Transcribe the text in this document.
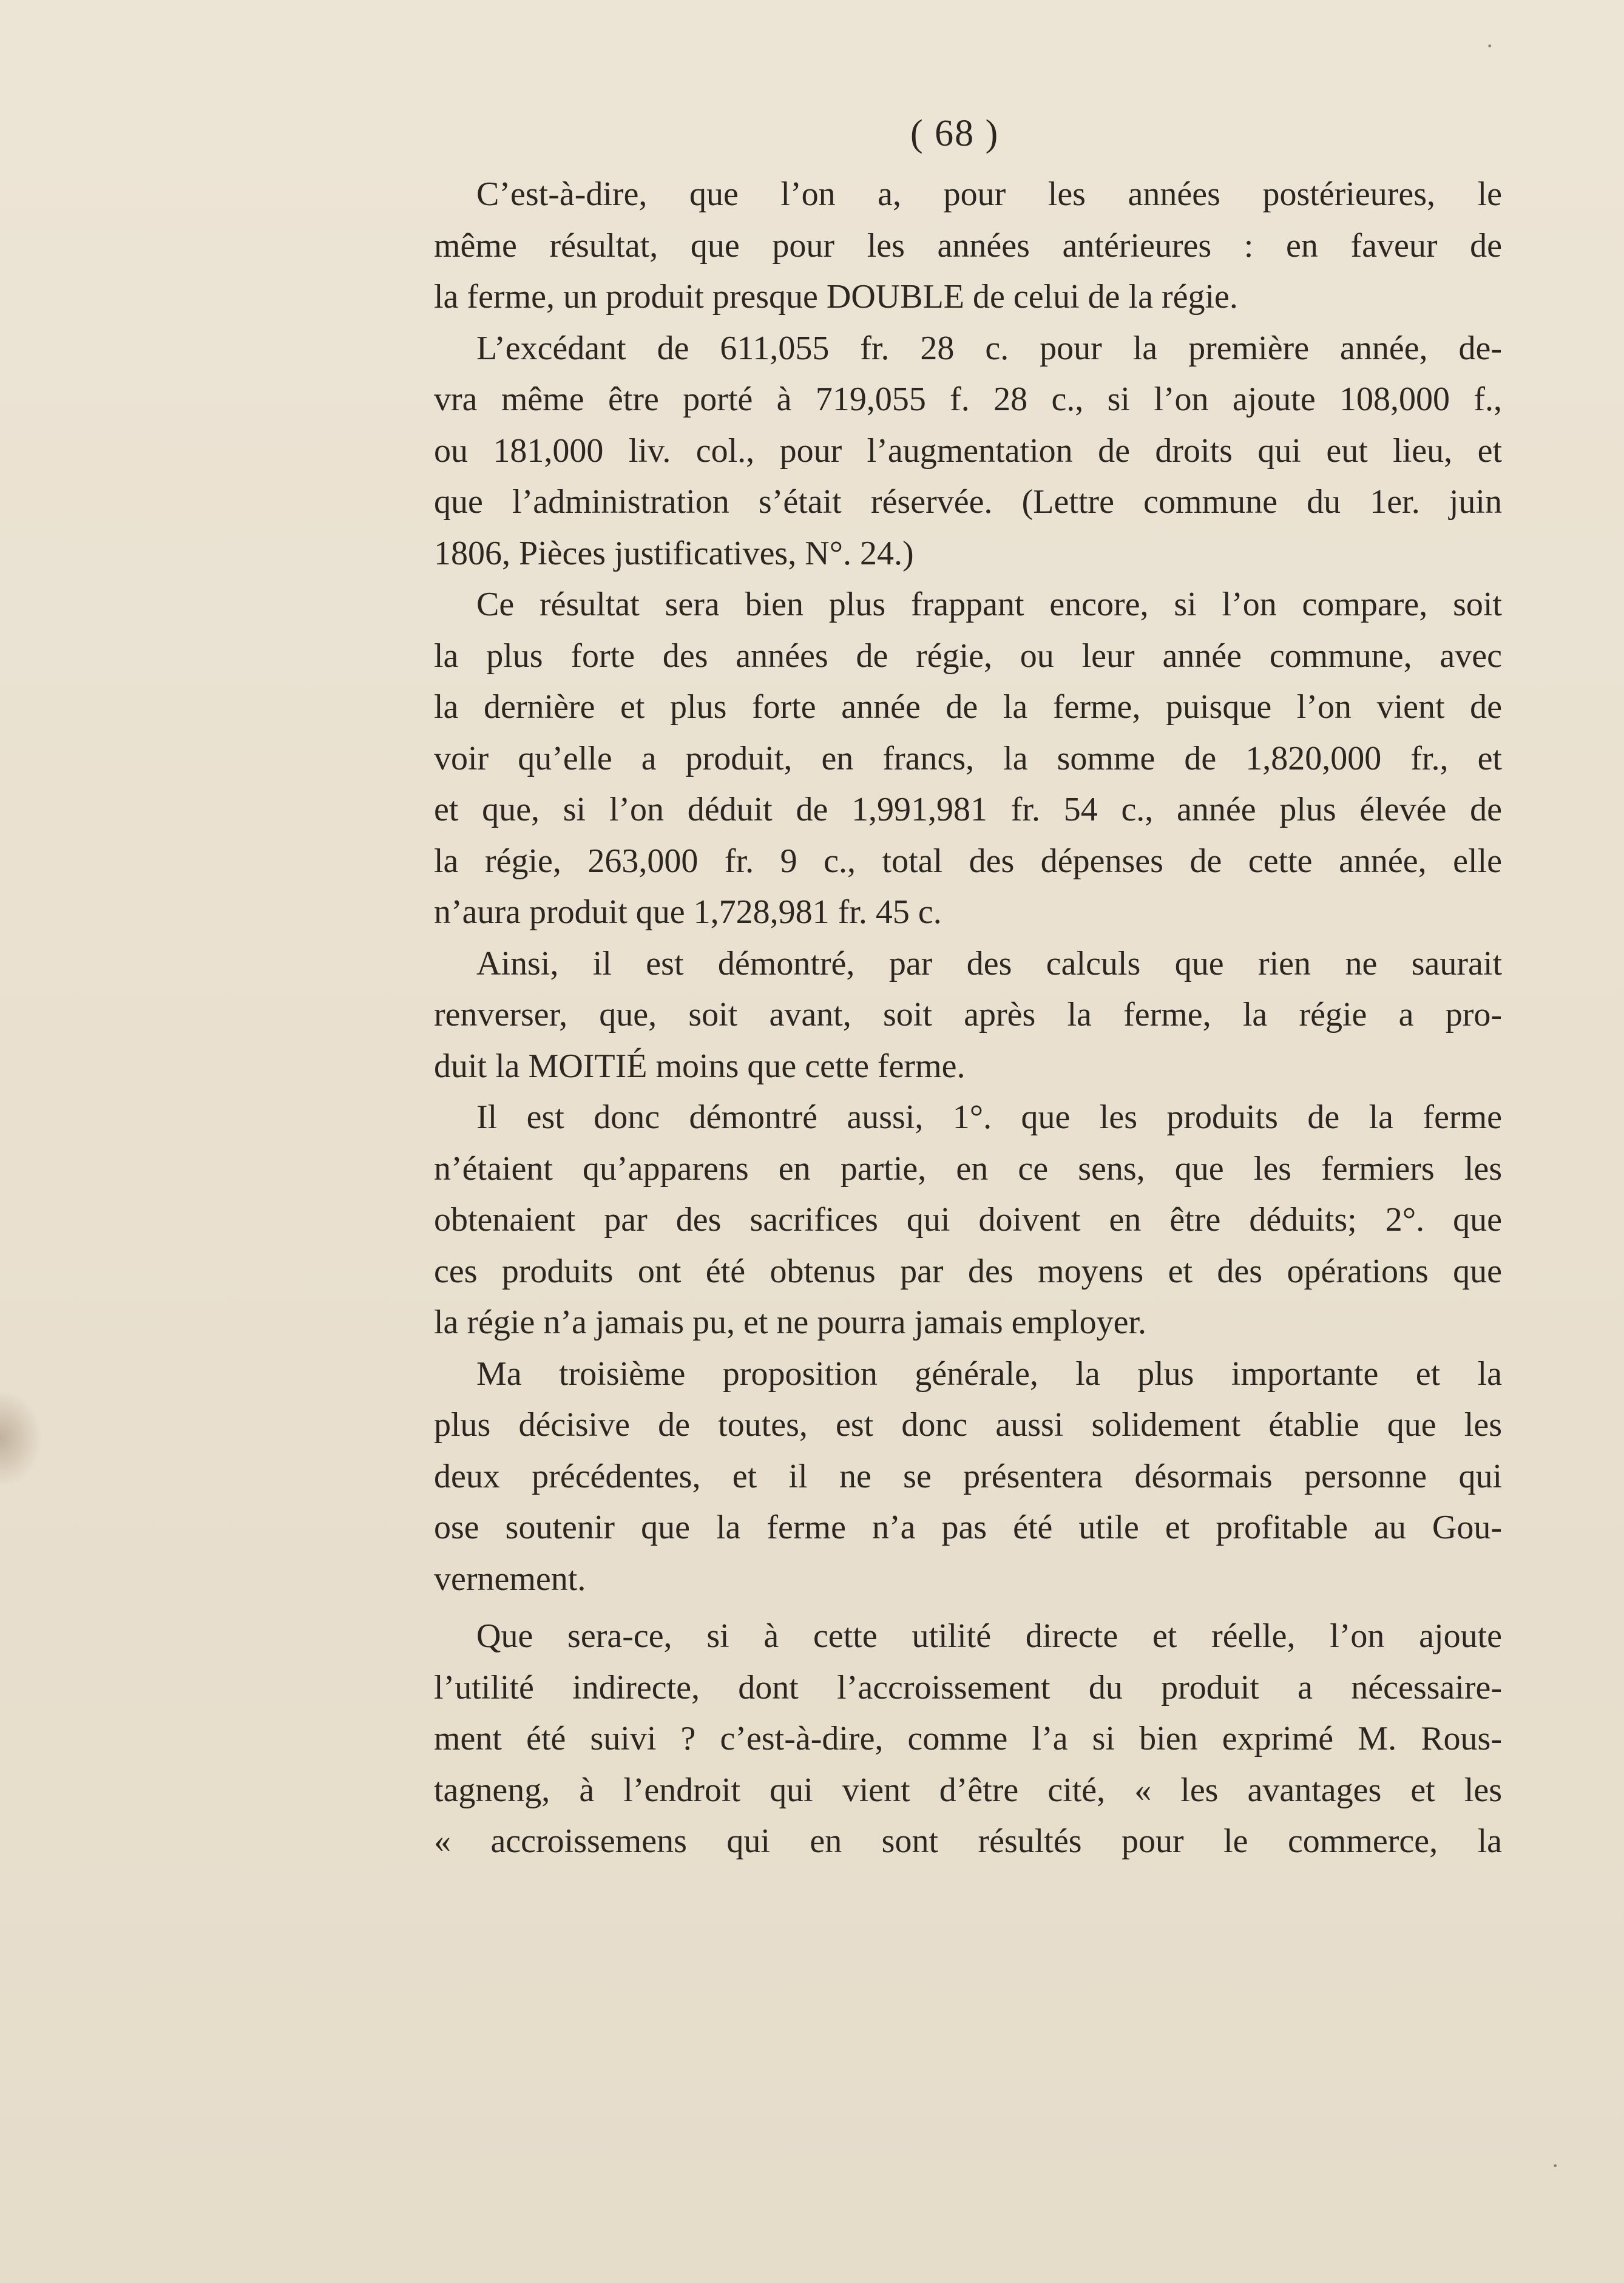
( 68 )
C’est-à-dire, que l’on a, pour les années postérieures, le
même résultat, que pour les années antérieures : en faveur de
la ferme, un produit presque DOUBLE de celui de la régie.
L’excédant de 611,055 fr. 28 c. pour la première année, de-
vra même être porté à 719,055 f. 28 c., si l’on ajoute 108,000 f.,
ou 181,000 liv. col., pour l’augmentation de droits qui eut lieu, et
que l’administration s’était réservée. (Lettre commune du 1er. juin
1806, Pièces justificatives, N°. 24.)
Ce résultat sera bien plus frappant encore, si l’on compare, soit
la plus forte des années de régie, ou leur année commune, avec
la dernière et plus forte année de la ferme, puisque l’on vient de
voir qu’elle a produit, en francs, la somme de 1,820,000 fr., et
et que, si l’on déduit de 1,991,981 fr. 54 c., année plus élevée de
la régie, 263,000 fr. 9 c., total des dépenses de cette année, elle
n’aura produit que 1,728,981 fr. 45 c.
Ainsi, il est démontré, par des calculs que rien ne saurait
renverser, que, soit avant, soit après la ferme, la régie a pro-
duit la MOITIÉ moins que cette ferme.
Il est donc démontré aussi, 1°. que les produits de la ferme
n’étaient qu’apparens en partie, en ce sens, que les fermiers les
obtenaient par des sacrifices qui doivent en être déduits; 2°. que
ces produits ont été obtenus par des moyens et des opérations que
la régie n’a jamais pu, et ne pourra jamais employer.
Ma troisième proposition générale, la plus importante et la
plus décisive de toutes, est donc aussi solidement établie que les
deux précédentes, et il ne se présentera désormais personne qui
ose soutenir que la ferme n’a pas été utile et profitable au Gou-
vernement.
Que sera-ce, si à cette utilité directe et réelle, l’on ajoute
l’utilité indirecte, dont l’accroissement du produit a nécessaire-
ment été suivi ? c’est-à-dire, comme l’a si bien exprimé M. Rous-
tagneng, à l’endroit qui vient d’être cité, « les avantages et les
« accroissemens qui en sont résultés pour le commerce, la
·
·
